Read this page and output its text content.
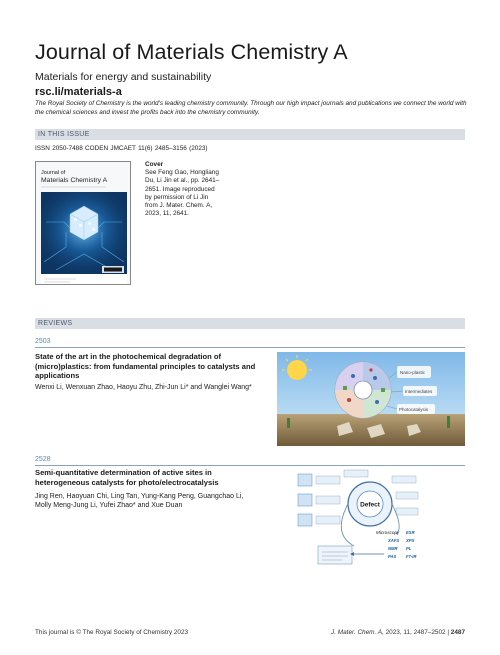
Journal of Materials Chemistry A
Materials for energy and sustainability
rsc.li/materials-a
The Royal Society of Chemistry is the world's leading chemistry community. Through our high impact journals and publications we connect the world with the chemical sciences and invest the profits back into the chemistry community.
IN THIS ISSUE
ISSN 2050-7488 CODEN JMCAET 11(6) 2485–3156 (2023)
Journal of
Materials Chemistry A
Cover
See Feng Gao, Hongliang Du, Li Jin et al., pp. 2641–2651. Image reproduced by permission of Li Jin from J. Mater. Chem. A, 2023, 11, 2641.
REVIEWS
2503
State of the art in the photochemical degradation of (micro)plastics: from fundamental principles to catalysts and applications
Wenxi Li, Wenxuan Zhao, Haoyu Zhu, Zhi-Jun Li* and Wanglei Wang*
Nano-plastic
Intermediates
Photocatalysis
2528
Semi-quantitative determination of active sites in heterogeneous catalysts for photo/electrocatalysis
Jing Ren, Haoyuan Chi, Ling Tan, Yung-Kang Peng, Guangchao Li, Molly Meng-Jung Li, Yufei Zhao* and Xue Duan	Defect
Microscopy ESR
XAFS XPS
NMR PL
PAS FT-IR
This journal is © The Royal Society of Chemistry 2023	J. Mater. Chem. A, 2023, 11, 2487–2502 | 2487
